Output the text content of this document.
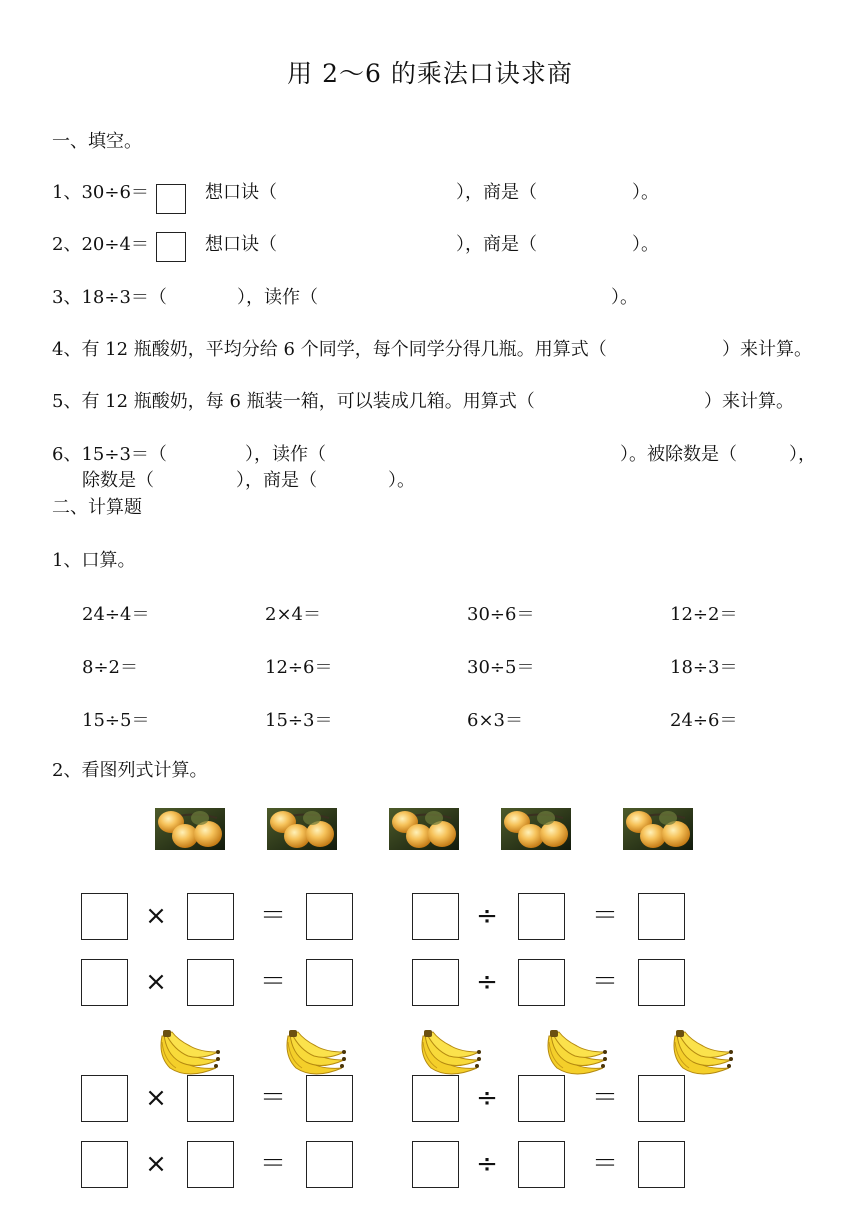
用 2～6 的乘法口诀求商
一、填空。
1、30÷6＝	想口诀（	），商是（	）。
2、20÷4＝	想口诀（	），商是（	）。
3、18÷3＝（	），读作（	）。
4、有 12 瓶酸奶，平均分给 6 个同学，每个同学分得几瓶。用算式（	）来计算。
5、有 12 瓶酸奶，每 6 瓶装一箱，可以装成几箱。用算式（	）来计算。
6、15÷3＝（	），读作（	）。被除数是（	），
除数是（	），商是（	）。
二、计算题
1、口算。
24÷4＝	2×4＝	30÷6＝	12÷2＝
8÷2＝	12÷6＝	30÷5＝	18÷3＝
15÷5＝	15÷3＝	6×3＝	24÷6＝
2、看图列式计算。
×	＝	÷	＝
×	＝	÷	＝
×	＝	÷	＝
×	＝	÷	＝
